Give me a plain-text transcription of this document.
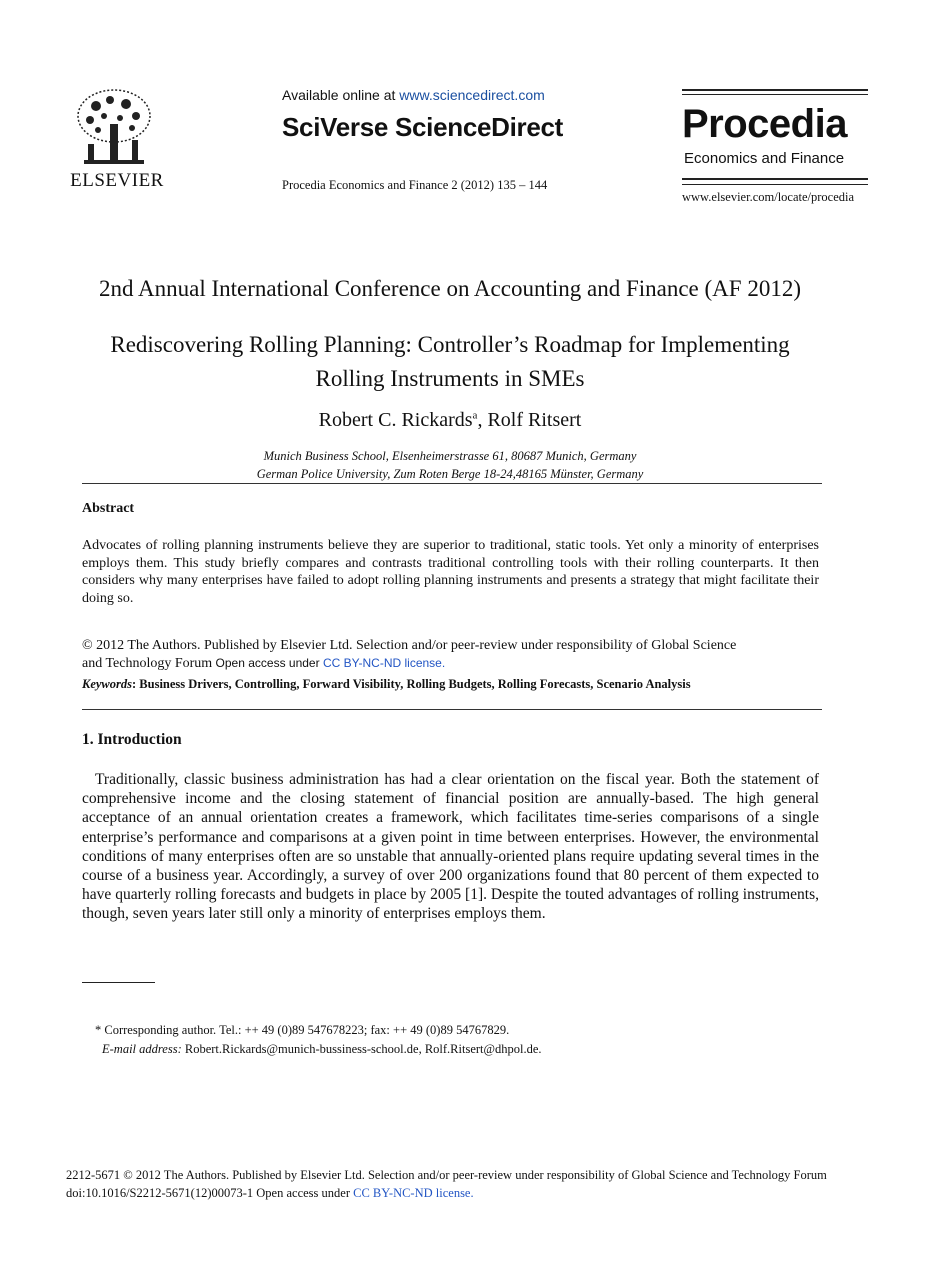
ELSEVIER
Available online at www.sciencedirect.com
SciVerse ScienceDirect
Procedia Economics and Finance 2 (2012) 135 – 144
Procedia
Economics and Finance
www.elsevier.com/locate/procedia
2nd Annual International Conference on Accounting and Finance (AF 2012)
Rediscovering Rolling Planning: Controller’s Roadmap for Implementing
Rolling Instruments in SMEs
Robert C. Rickards$^a$, Rolf Ritsert
Munich Business School, Elsenheimerstrasse 61, 80687 Munich, Germany
German Police University, Zum Roten Berge 18-24,48165 Münster, Germany
Abstract
Advocates of rolling planning instruments believe they are superior to traditional, static tools. Yet only a minority of enterprises employs them. This study briefly compares and contrasts traditional controlling tools with their rolling counterparts. It then considers why many enterprises have failed to adopt rolling planning instruments and presents a strategy that might facilitate their doing so.
© 2012 The Authors. Published by Elsevier Ltd. Selection and/or peer-review under responsibility of Global Science
and Technology Forum Open access under CC BY-NC-ND license.
Keywords: Business Drivers, Controlling, Forward Visibility, Rolling Budgets, Rolling Forecasts, Scenario Analysis
1. Introduction
Traditionally, classic business administration has had a clear orientation on the fiscal year. Both the statement of comprehensive income and the closing statement of financial position are annually-based. The high general acceptance of an annual orientation creates a framework, which facilitates time-series comparisons of a single enterprise’s performance and comparisons at a given point in time between enterprises. However, the environmental conditions of many enterprises often are so unstable that annually-oriented plans require updating several times in the course of a business year. Accordingly, a survey of over 200 organizations found that 80 percent of them expected to have quarterly rolling forecasts and budgets in place by 2005 [1]. Despite the touted advantages of rolling instruments, though, seven years later still only a minority of enterprises employs them.
* Corresponding author. Tel.: ++ 49 (0)89 547678223; fax: ++ 49 (0)89 54767829.
E-mail address: Robert.Rickards@munich-bussiness-school.de, Rolf.Ritsert@dhpol.de.
2212-5671 © 2012 The Authors. Published by Elsevier Ltd. Selection and/or peer-review under responsibility of Global Science and Technology Forum
doi:10.1016/S2212-5671(12)00073-1 Open access under CC BY-NC-ND license.
